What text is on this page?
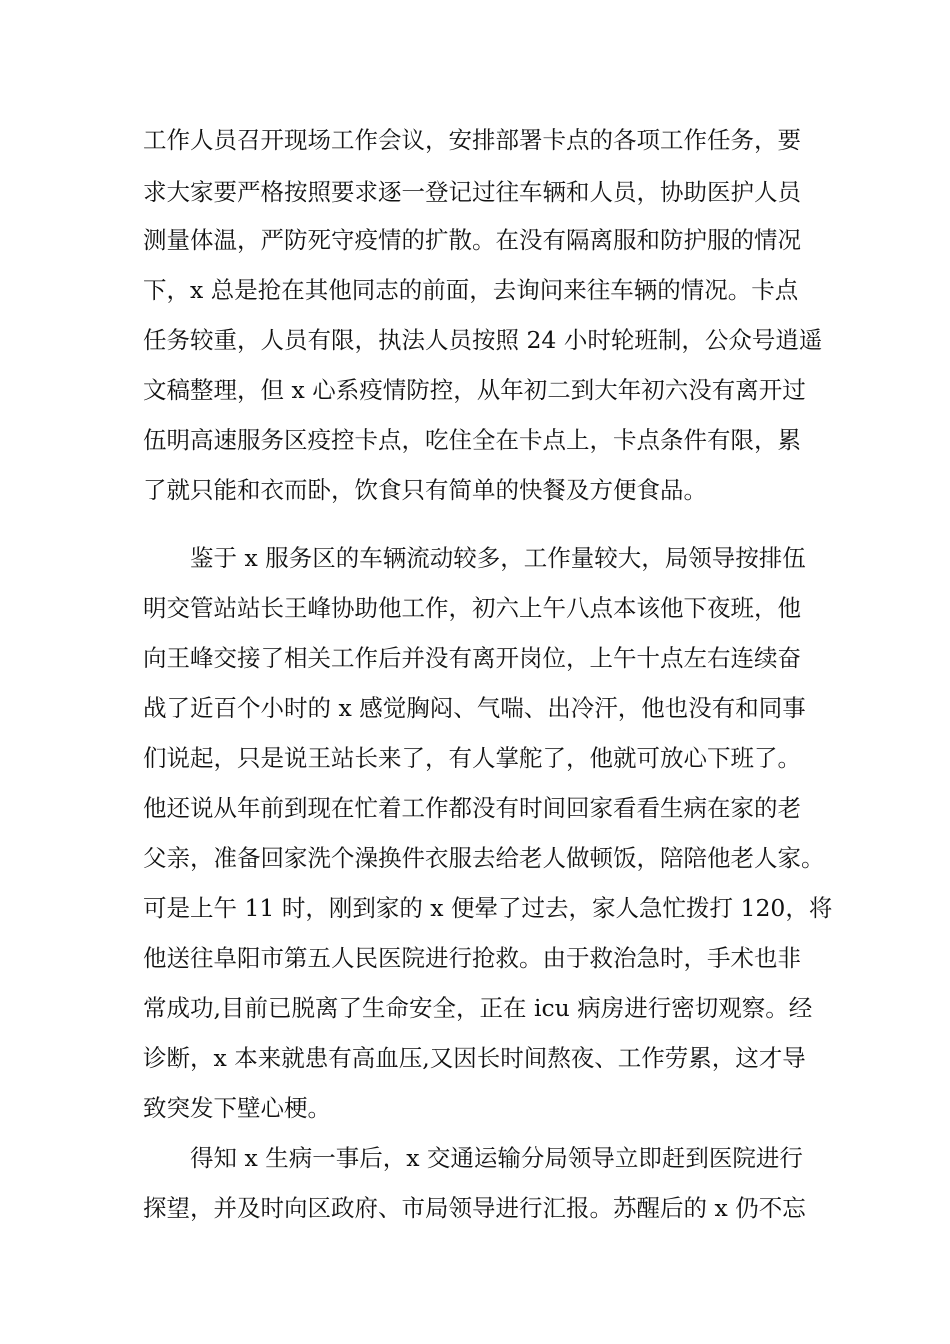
工作人员召开现场工作会议，安排部署卡点的各项工作任务，要

求大家要严格按照要求逐一登记过往车辆和人员，协助医护人员

测量体温，严防死守疫情的扩散。在没有隔离服和防护服的情况

下，x 总是抢在其他同志的前面，去询问来往车辆的情况。卡点

任务较重，人员有限，执法人员按照 24 小时轮班制，公众号逍遥

文稿整理，但 x 心系疫情防控，从年初二到大年初六没有离开过

伍明高速服务区疫控卡点，吃住全在卡点上，卡点条件有限，累

了就只能和衣而卧，饮食只有简单的快餐及方便食品。

鉴于 x 服务区的车辆流动较多，工作量较大，局领导按排伍

明交管站站长王峰协助他工作，初六上午八点本该他下夜班，他

向王峰交接了相关工作后并没有离开岗位，上午十点左右连续奋

战了近百个小时的 x 感觉胸闷、气喘、出冷汗，他也没有和同事

们说起，只是说王站长来了，有人掌舵了，他就可放心下班了。

他还说从年前到现在忙着工作都没有时间回家看看生病在家的老

父亲，准备回家洗个澡换件衣服去给老人做顿饭，陪陪他老人家。

可是上午 11 时，刚到家的 x 便晕了过去，家人急忙拨打 120，将

他送往阜阳市第五人民医院进行抢救。由于救治急时，手术也非

常成功,目前已脱离了生命安全，正在 icu 病房进行密切观察。经

诊断，x 本来就患有高血压,又因长时间熬夜、工作劳累，这才导

致突发下壁心梗。

得知 x 生病一事后，x 交通运输分局领导立即赶到医院进行

探望，并及时向区政府、市局领导进行汇报。苏醒后的 x 仍不忘
